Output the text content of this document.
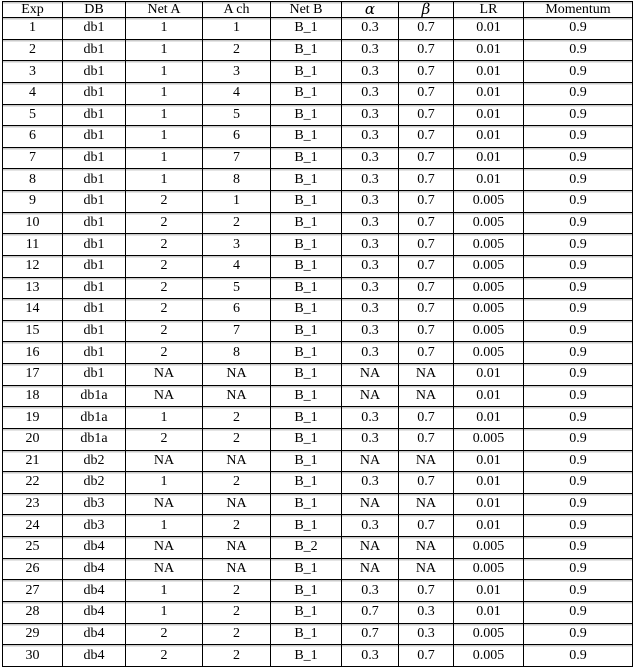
Exp	DB	Net A	A ch	Net B	α	β	LR	Momentum
1	db1	1	1	B_1	0.3	0.7	0.01	0.9
2	db1	1	2	B_1	0.3	0.7	0.01	0.9
3	db1	1	3	B_1	0.3	0.7	0.01	0.9
4	db1	1	4	B_1	0.3	0.7	0.01	0.9
5	db1	1	5	B_1	0.3	0.7	0.01	0.9
6	db1	1	6	B_1	0.3	0.7	0.01	0.9
7	db1	1	7	B_1	0.3	0.7	0.01	0.9
8	db1	1	8	B_1	0.3	0.7	0.01	0.9
9	db1	2	1	B_1	0.3	0.7	0.005	0.9
10	db1	2	2	B_1	0.3	0.7	0.005	0.9
11	db1	2	3	B_1	0.3	0.7	0.005	0.9
12	db1	2	4	B_1	0.3	0.7	0.005	0.9
13	db1	2	5	B_1	0.3	0.7	0.005	0.9
14	db1	2	6	B_1	0.3	0.7	0.005	0.9
15	db1	2	7	B_1	0.3	0.7	0.005	0.9
16	db1	2	8	B_1	0.3	0.7	0.005	0.9
17	db1	NA	NA	B_1	NA	NA	0.01	0.9
18	db1a	NA	NA	B_1	NA	NA	0.01	0.9
19	db1a	1	2	B_1	0.3	0.7	0.01	0.9
20	db1a	2	2	B_1	0.3	0.7	0.005	0.9
21	db2	NA	NA	B_1	NA	NA	0.01	0.9
22	db2	1	2	B_1	0.3	0.7	0.01	0.9
23	db3	NA	NA	B_1	NA	NA	0.01	0.9
24	db3	1	2	B_1	0.3	0.7	0.01	0.9
25	db4	NA	NA	B_2	NA	NA	0.005	0.9
26	db4	NA	NA	B_1	NA	NA	0.005	0.9
27	db4	1	2	B_1	0.3	0.7	0.01	0.9
28	db4	1	2	B_1	0.7	0.3	0.01	0.9
29	db4	2	2	B_1	0.7	0.3	0.005	0.9
30	db4	2	2	B_1	0.3	0.7	0.005	0.9
